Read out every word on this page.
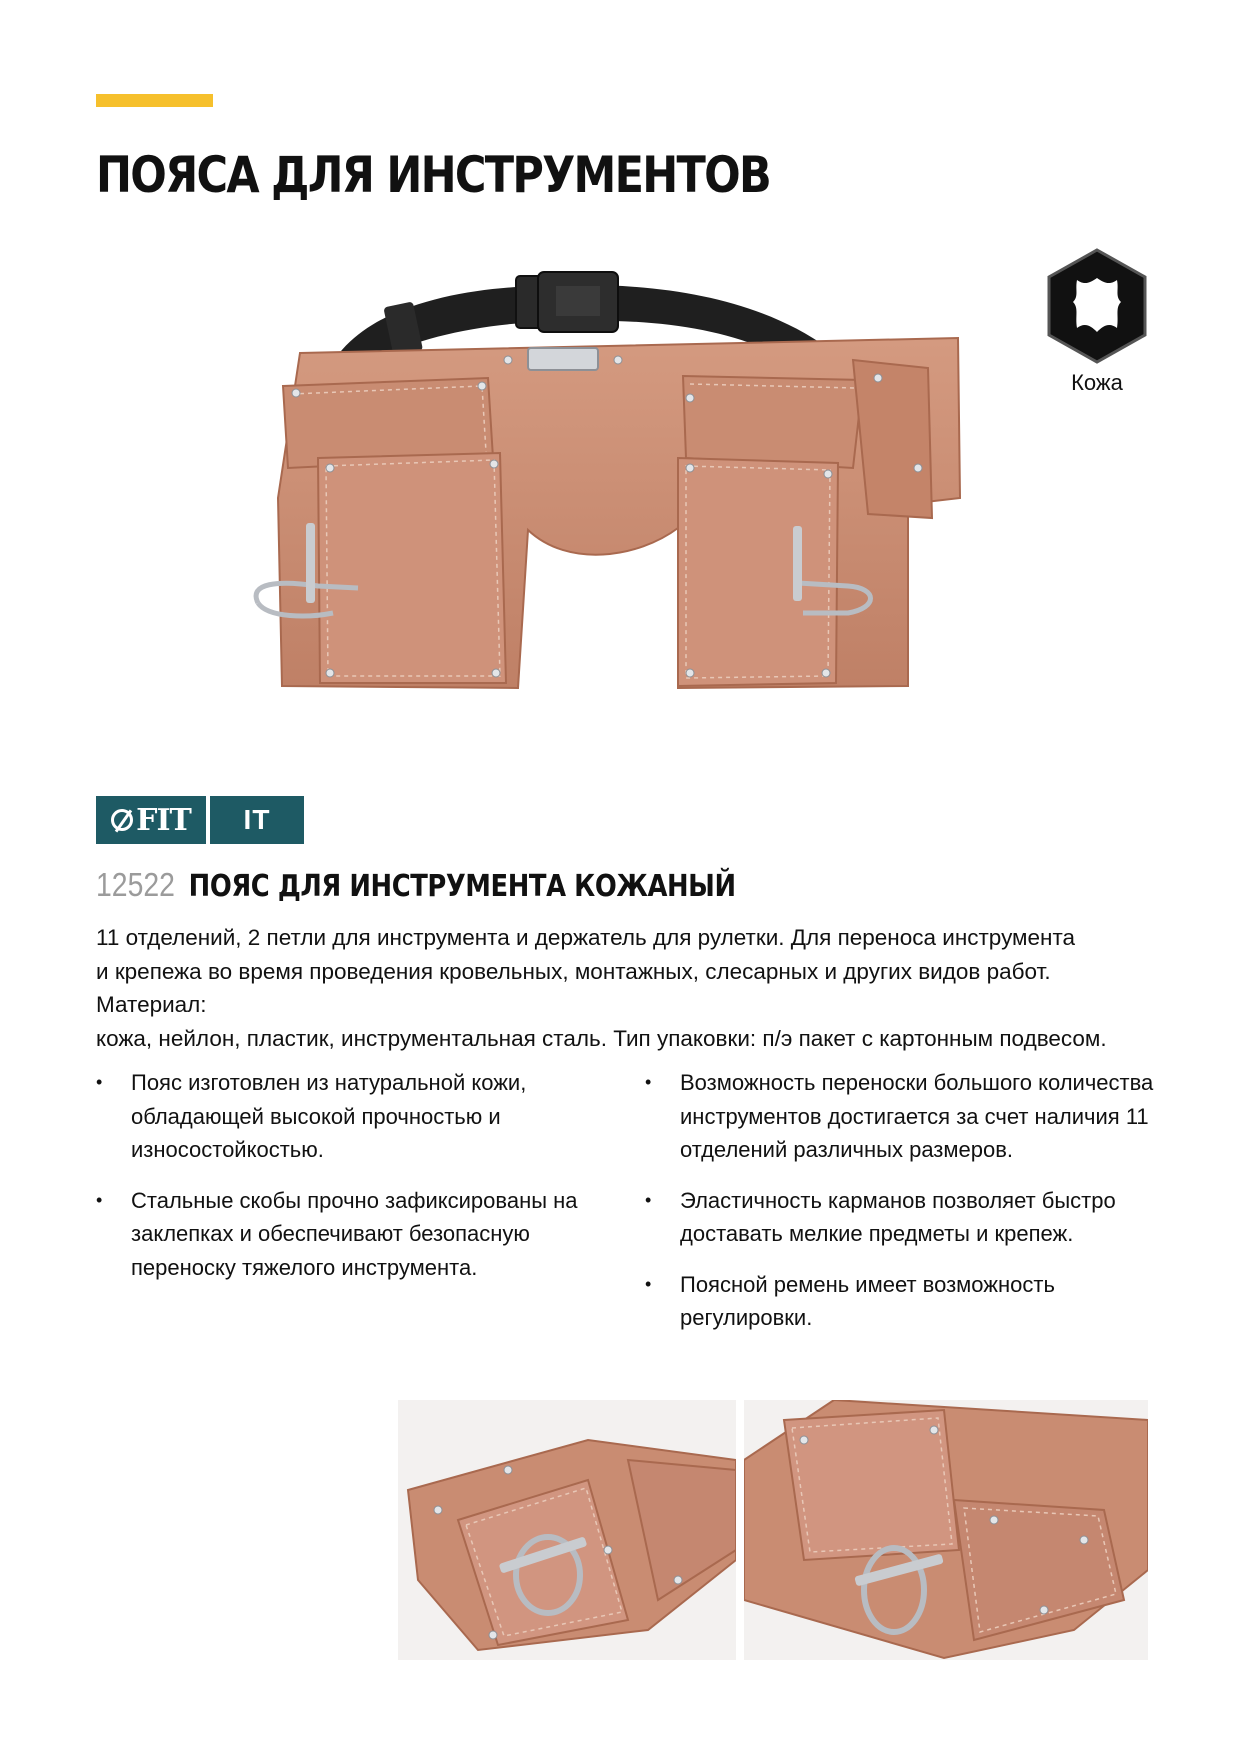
ПОЯСА ДЛЯ ИНСТРУМЕНТОВ
Кожа
FIT	IT
12522 ПОЯС ДЛЯ ИНСТРУМЕНТА КОЖАНЫЙ

11 отделений, 2 петли для инструмента и держатель для рулетки. Для переноса инструмента

и крепежа во время проведения кровельных, монтажных, слесарных и других видов работ. Материал:

кожа, нейлон, пластик, инструментальная сталь. Тип упаковки: п/э пакет с картонным подвесом.

• Пояс изготовлен из натуральной кожи, обладающей высокой прочностью и износостойкостью.
• Стальные скобы прочно зафиксированы на заклепках и обеспечивают безопасную переноску тяжелого инструмента.
• Возможность переноски большого количества инструментов достигается за счет наличия 11 отделений различных размеров.
• Эластичность карманов позволяет быстро доставать мелкие предметы и крепеж.
• Поясной ремень имеет возможность регулировки.
